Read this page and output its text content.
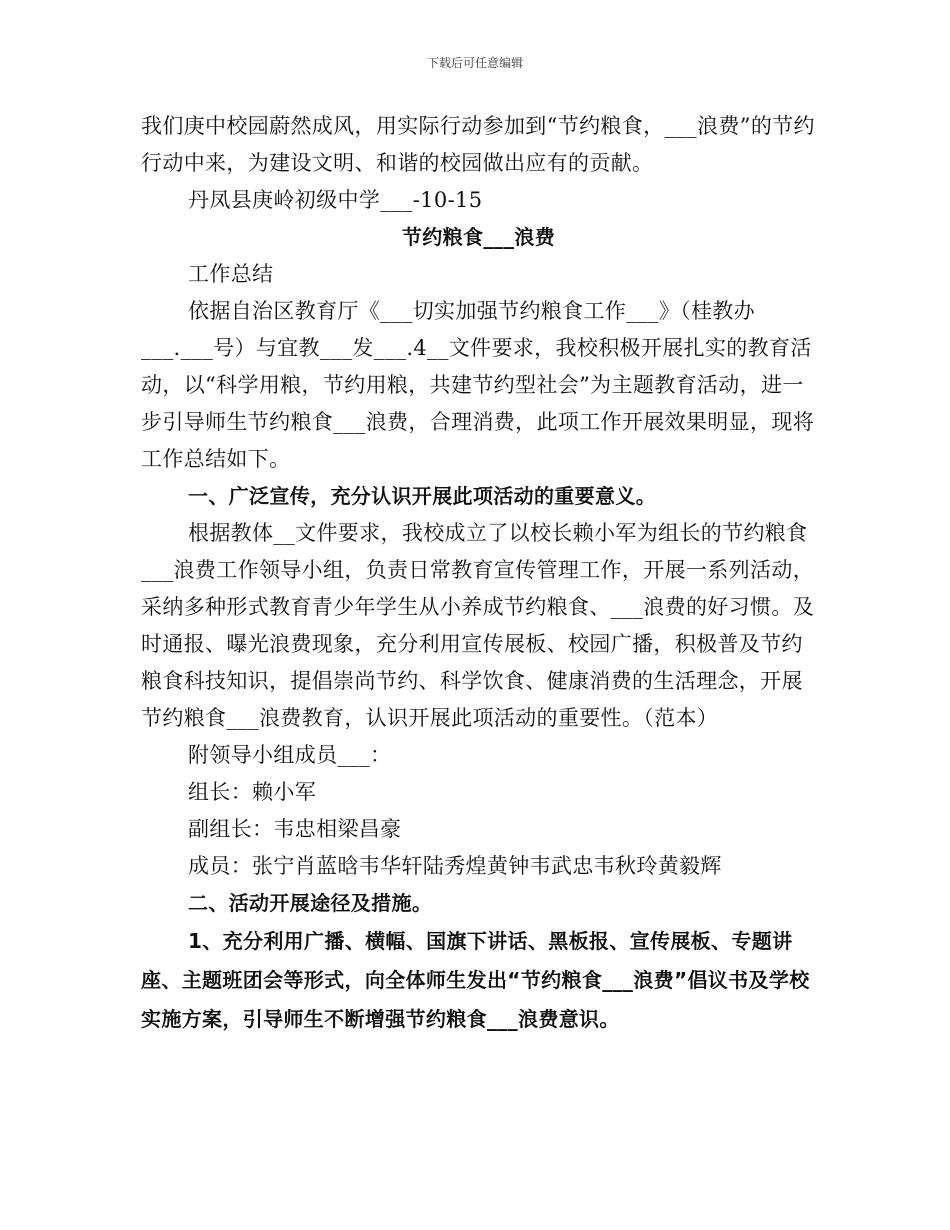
下载后可任意编辑

我们庚中校园蔚然成风，用实际行动参加到“节约粮食，___浪费”的节约行动中来，为建设文明、和谐的校园做出应有的贡献。

丹凤县庚岭初级中学___-10-15

节约粮食___浪费

工作总结

依据自治区教育厅《___切实加强节约粮食工作___》（桂教办___.___号）与宜教___发___.4__文件要求，我校积极开展扎实的教育活动，以“科学用粮，节约用粮，共建节约型社会”为主题教育活动，进一步引导师生节约粮食___浪费，合理消费，此项工作开展效果明显，现将工作总结如下。

一、广泛宣传，充分认识开展此项活动的重要意义。

根据教体__文件要求，我校成立了以校长赖小军为组长的节约粮食___浪费工作领导小组，负责日常教育宣传管理工作，开展一系列活动，采纳多种形式教育青少年学生从小养成节约粮食、___浪费的好习惯。及时通报、曝光浪费现象，充分利用宣传展板、校园广播，积极普及节约粮食科技知识，提倡崇尚节约、科学饮食、健康消费的生活理念，开展节约粮食___浪费教育，认识开展此项活动的重要性。（范本）

附领导小组成员___：

组长：赖小军

副组长：韦忠相梁昌豪

成员：张宁肖蓝晗韦华轩陆秀煌黄钟韦武忠韦秋玲黄毅辉

二、活动开展途径及措施。

1、充分利用广播、横幅、国旗下讲话、黑板报、宣传展板、专题讲座、主题班团会等形式，向全体师生发出“节约粮食___浪费”倡议书及学校实施方案，引导师生不断增强节约粮食___浪费意识。
